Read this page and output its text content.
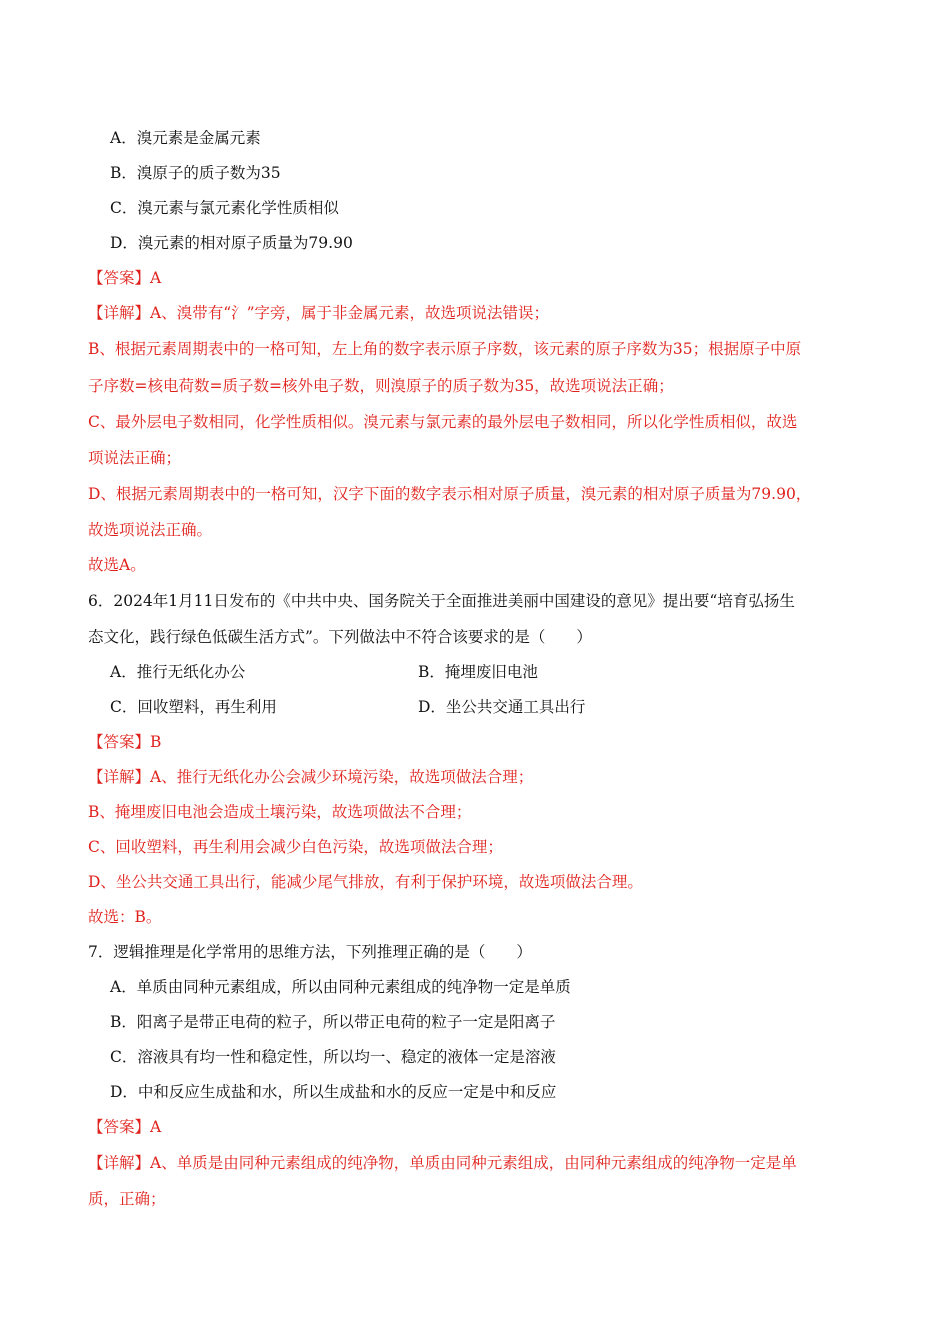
A．溴元素是金属元素
B．溴原子的质子数为35
C．溴元素与氯元素化学性质相似
D．溴元素的相对原子质量为79.90
【答案】A
【详解】A、溴带有“氵”字旁，属于非金属元素，故选项说法错误；
B、根据元素周期表中的一格可知，左上角的数字表示原子序数，该元素的原子序数为35；根据原子中原
子序数=核电荷数=质子数=核外电子数，则溴原子的质子数为35，故选项说法正确；
C、最外层电子数相同，化学性质相似。溴元素与氯元素的最外层电子数相同，所以化学性质相似，故选
项说法正确；
D、根据元素周期表中的一格可知，汉字下面的数字表示相对原子质量，溴元素的相对原子质量为79.90，
故选项说法正确。
故选A。
6．2024年1月11日发布的《中共中央、国务院关于全面推进美丽中国建设的意见》提出要“培育弘扬生
态文化，践行绿色低碳生活方式”。下列做法中不符合该要求的是（　　）
A．推行无纸化办公	B．掩埋废旧电池
C．回收塑料，再生利用	D．坐公共交通工具出行
【答案】B
【详解】A、推行无纸化办公会减少环境污染，故选项做法合理；
B、掩埋废旧电池会造成土壤污染，故选项做法不合理；
C、回收塑料，再生利用会减少白色污染，故选项做法合理；
D、坐公共交通工具出行，能减少尾气排放，有利于保护环境，故选项做法合理。
故选：B。
7．逻辑推理是化学常用的思维方法，下列推理正确的是（　　）
A．单质由同种元素组成，所以由同种元素组成的纯净物一定是单质
B．阳离子是带正电荷的粒子，所以带正电荷的粒子一定是阳离子
C．溶液具有均一性和稳定性，所以均一、稳定的液体一定是溶液
D．中和反应生成盐和水，所以生成盐和水的反应一定是中和反应
【答案】A
【详解】A、单质是由同种元素组成的纯净物，单质由同种元素组成，由同种元素组成的纯净物一定是单
质，正确；
